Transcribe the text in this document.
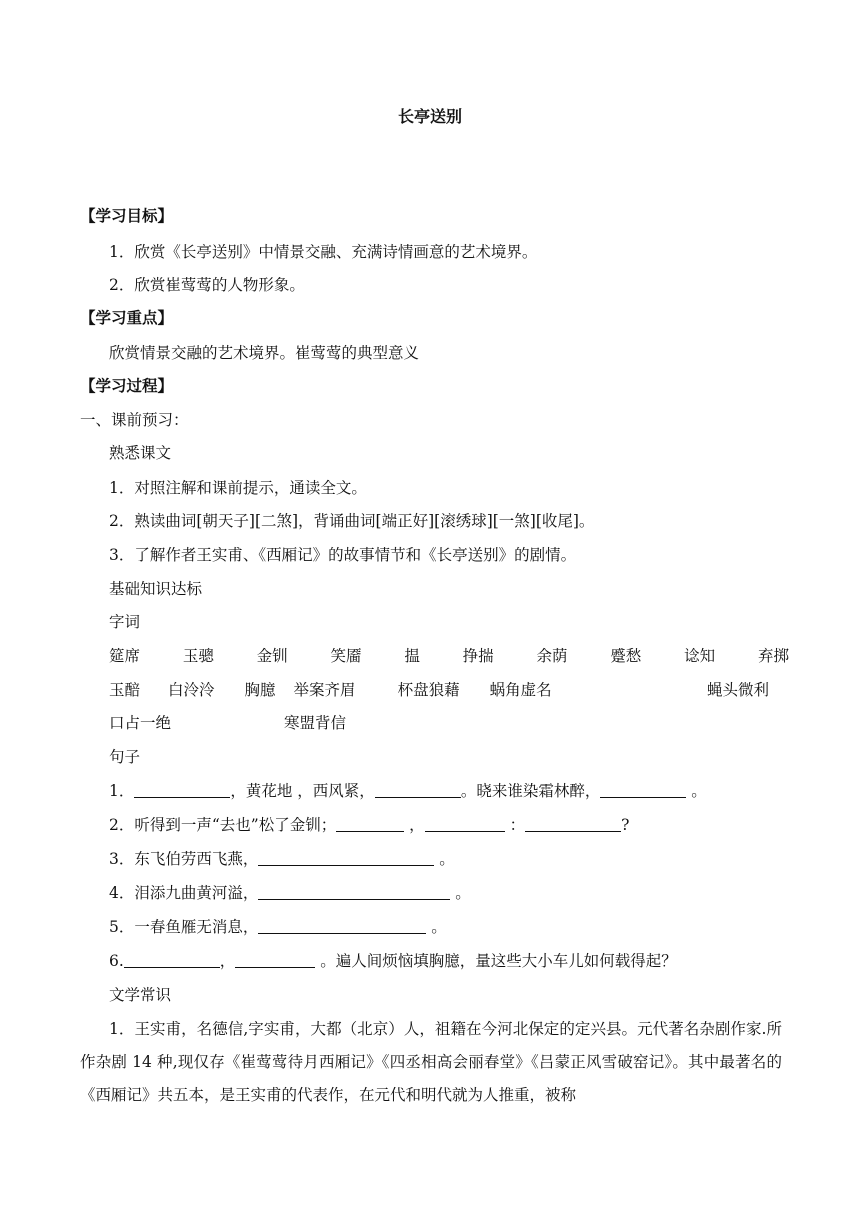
长亭送别
【学习目标】
1．欣赏《长亭送别》中情景交融、充满诗情画意的艺术境界。
2．欣赏崔莺莺的人物形象。
【学习重点】
欣赏情景交融的艺术境界。崔莺莺的典型意义
【学习过程】
一、课前预习：
熟悉课文
1．对照注解和课前提示，通读全文。
2．熟读曲词[朝天子][二煞]，背诵曲词[端正好][滚绣球][一煞][收尾]。
3．了解作者王实甫、《西厢记》的故事情节和《长亭送别》的剧情。
基础知识达标
字词
筵席	玉骢	金钏	笑靥	揾	挣揣	余荫	蹙愁	谂知	弃掷
玉醅 白泠泠 胸臆 举案齐眉	杯盘狼藉 蜗角虚名	蝇头微利
口占一绝	寒盟背信
句子
1．	，黄花地 ，西风紧，	。晓来谁染霜林醉，	。
2．听得到一声“去也”松了金钏；	，	：	?
3．东飞伯劳西飞燕，	。
4．泪添九曲黄河溢，	。
5．一春鱼雁无消息，	。
6.	，	。遍人间烦恼填胸臆，量这些大小车儿如何载得起？
文学常识
1．王实甫，名德信,字实甫，大都（北京）人，祖籍在今河北保定的定兴县。元代著名杂剧作家.所作杂剧 14 种,现仅存《崔莺莺待月西厢记》《四丞相高会丽春堂》《吕蒙正风雪破窑记》。其中最著名的《西厢记》共五本，是王实甫的代表作，在元代和明代就为人推重，被称
